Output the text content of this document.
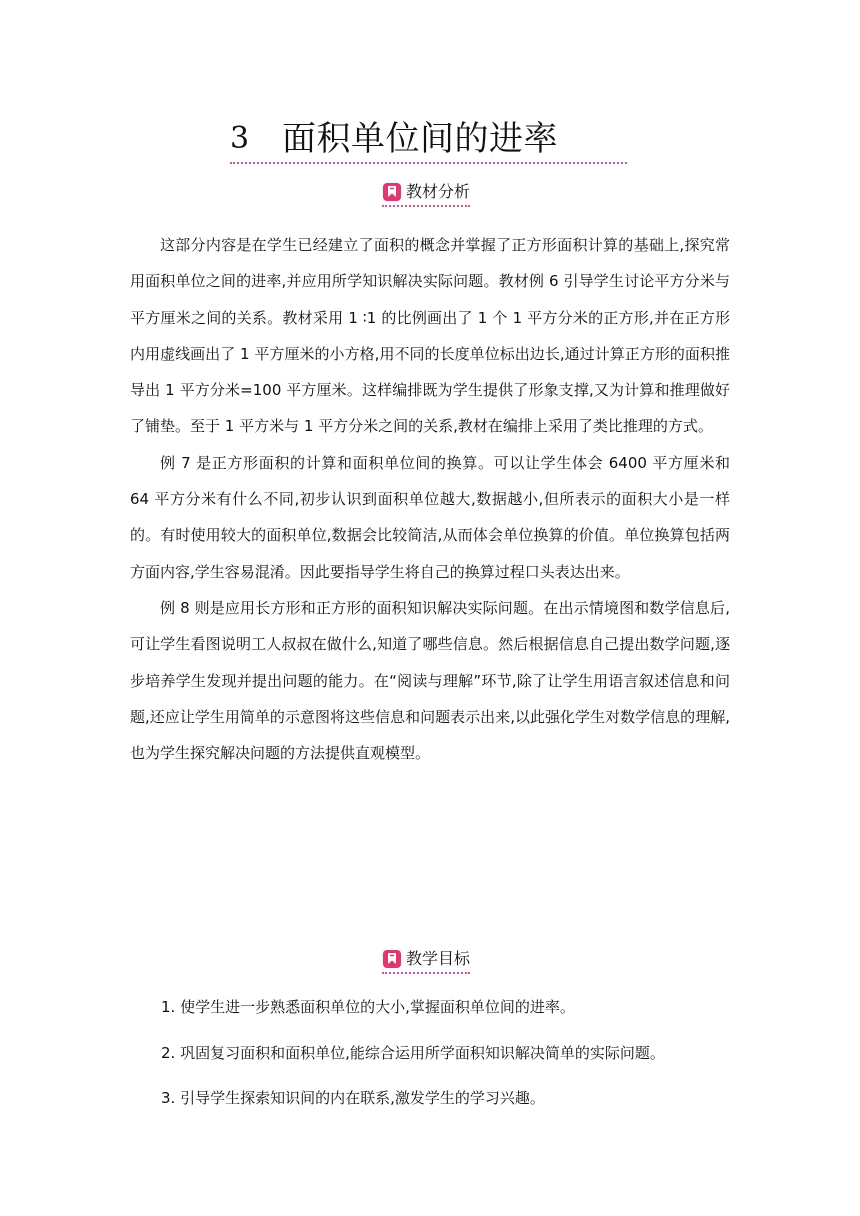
3 面积单位间的进率
教材分析

这部分内容是在学生已经建立了面积的概念并掌握了正方形面积计算的基础上,探究常用面积单位之间的进率,并应用所学知识解决实际问题。教材例 6 引导学生讨论平方分米与平方厘米之间的关系。教材采用 1 ∶1 的比例画出了 1 个 1 平方分米的正方形,并在正方形内用虚线画出了 1 平方厘米的小方格,用不同的长度单位标出边长,通过计算正方形的面积推导出 1 平方分米=100 平方厘米。这样编排既为学生提供了形象支撑,又为计算和推理做好了铺垫。至于 1 平方米与 1 平方分米之间的关系,教材在编排上采用了类比推理的方式。

例 7 是正方形面积的计算和面积单位间的换算。可以让学生体会 6400 平方厘米和 64 平方分米有什么不同,初步认识到面积单位越大,数据越小,但所表示的面积大小是一样的。有时使用较大的面积单位,数据会比较简洁,从而体会单位换算的价值。单位换算包括两方面内容,学生容易混淆。因此要指导学生将自己的换算过程口头表达出来。

例 8 则是应用长方形和正方形的面积知识解决实际问题。在出示情境图和数学信息后,可让学生看图说明工人叔叔在做什么,知道了哪些信息。然后根据信息自己提出数学问题,逐步培养学生发现并提出问题的能力。在“阅读与理解”环节,除了让学生用语言叙述信息和问题,还应让学生用简单的示意图将这些信息和问题表示出来,以此强化学生对数学信息的理解,也为学生探究解决问题的方法提供直观模型。

教学目标

1. 使学生进一步熟悉面积单位的大小,掌握面积单位间的进率。

2. 巩固复习面积和面积单位,能综合运用所学面积知识解决简单的实际问题。

3. 引导学生探索知识间的内在联系,激发学生的学习兴趣。
